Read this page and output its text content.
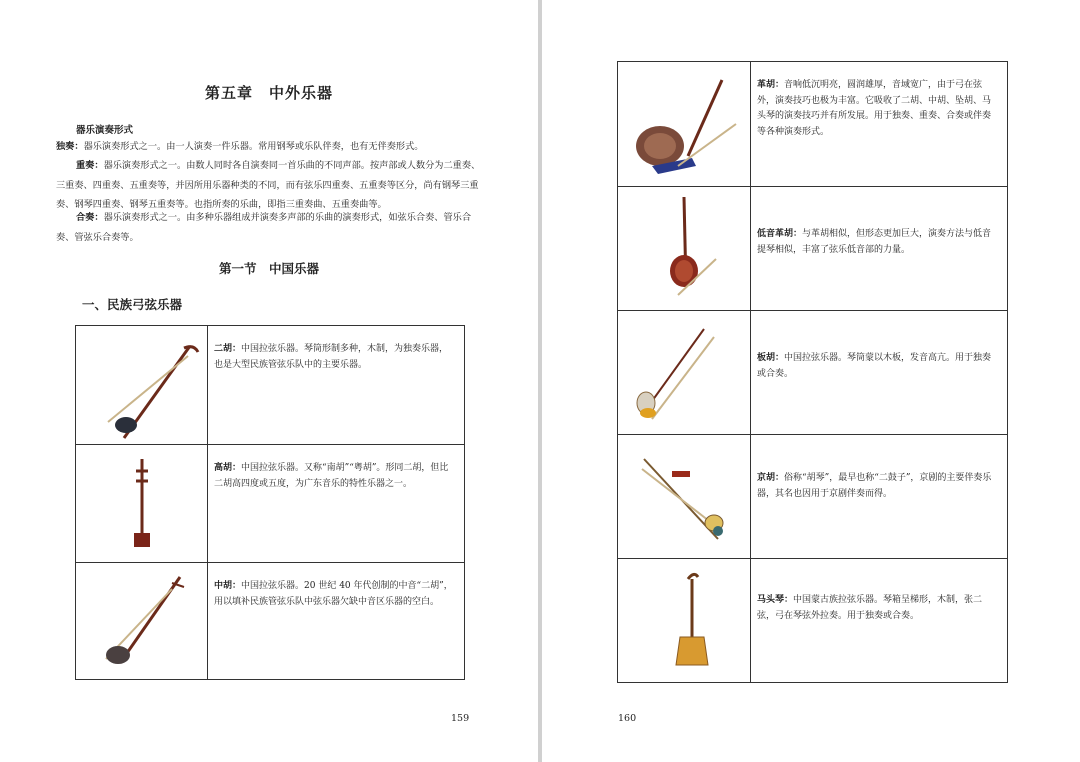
第五章　中外乐器
器乐演奏形式
独奏：器乐演奏形式之一。由一人演奏一件乐器。常用钢琴或乐队伴奏，也有无伴奏形式。
重奏：器乐演奏形式之一。由数人同时各自演奏同一首乐曲的不同声部。按声部或人数分为二重奏、三重奏、四重奏、五重奏等，并因所用乐器种类的不同，而有弦乐四重奏、五重奏等区分，尚有钢琴三重奏、钢琴四重奏、钢琴五重奏等。也指所奏的乐曲，即指三重奏曲、五重奏曲等。
合奏：器乐演奏形式之一。由多种乐器组成并演奏多声部的乐曲的演奏形式，如弦乐合奏、管乐合奏、管弦乐合奏等。
第一节　中国乐器
一、民族弓弦乐器

二胡：中国拉弦乐器。琴筒形制多种，木制，为独奏乐器，也是大型民族管弦乐队中的主要乐器。

高胡：中国拉弦乐器。又称“南胡”“粤胡”。形同二胡，但比二胡高四度或五度，为广东音乐的特性乐器之一。

中胡：中国拉弦乐器。20 世纪 40 年代创制的中音“二胡”，用以填补民族管弦乐队中弦乐器欠缺中音区乐器的空白。
159

革胡：音响低沉明亮，圆润雄厚，音域宽广，由于弓在弦外，演奏技巧也极为丰富。它吸收了二胡、中胡、坠胡、马头琴的演奏技巧并有所发展。用于独奏、重奏、合奏或伴奏等各种演奏形式。

低音革胡：与革胡相似，但形态更加巨大，演奏方法与低音提琴相似，丰富了弦乐低音部的力量。

板胡：中国拉弦乐器。琴筒蒙以木板，发音高亢。用于独奏或合奏。

京胡：俗称“胡琴”，最早也称“二鼓子”，京剧的主要伴奏乐器，其名也因用于京剧伴奏而得。

马头琴：中国蒙古族拉弦乐器。琴箱呈梯形，木制，张二弦，弓在琴弦外拉奏。用于独奏或合奏。
160
